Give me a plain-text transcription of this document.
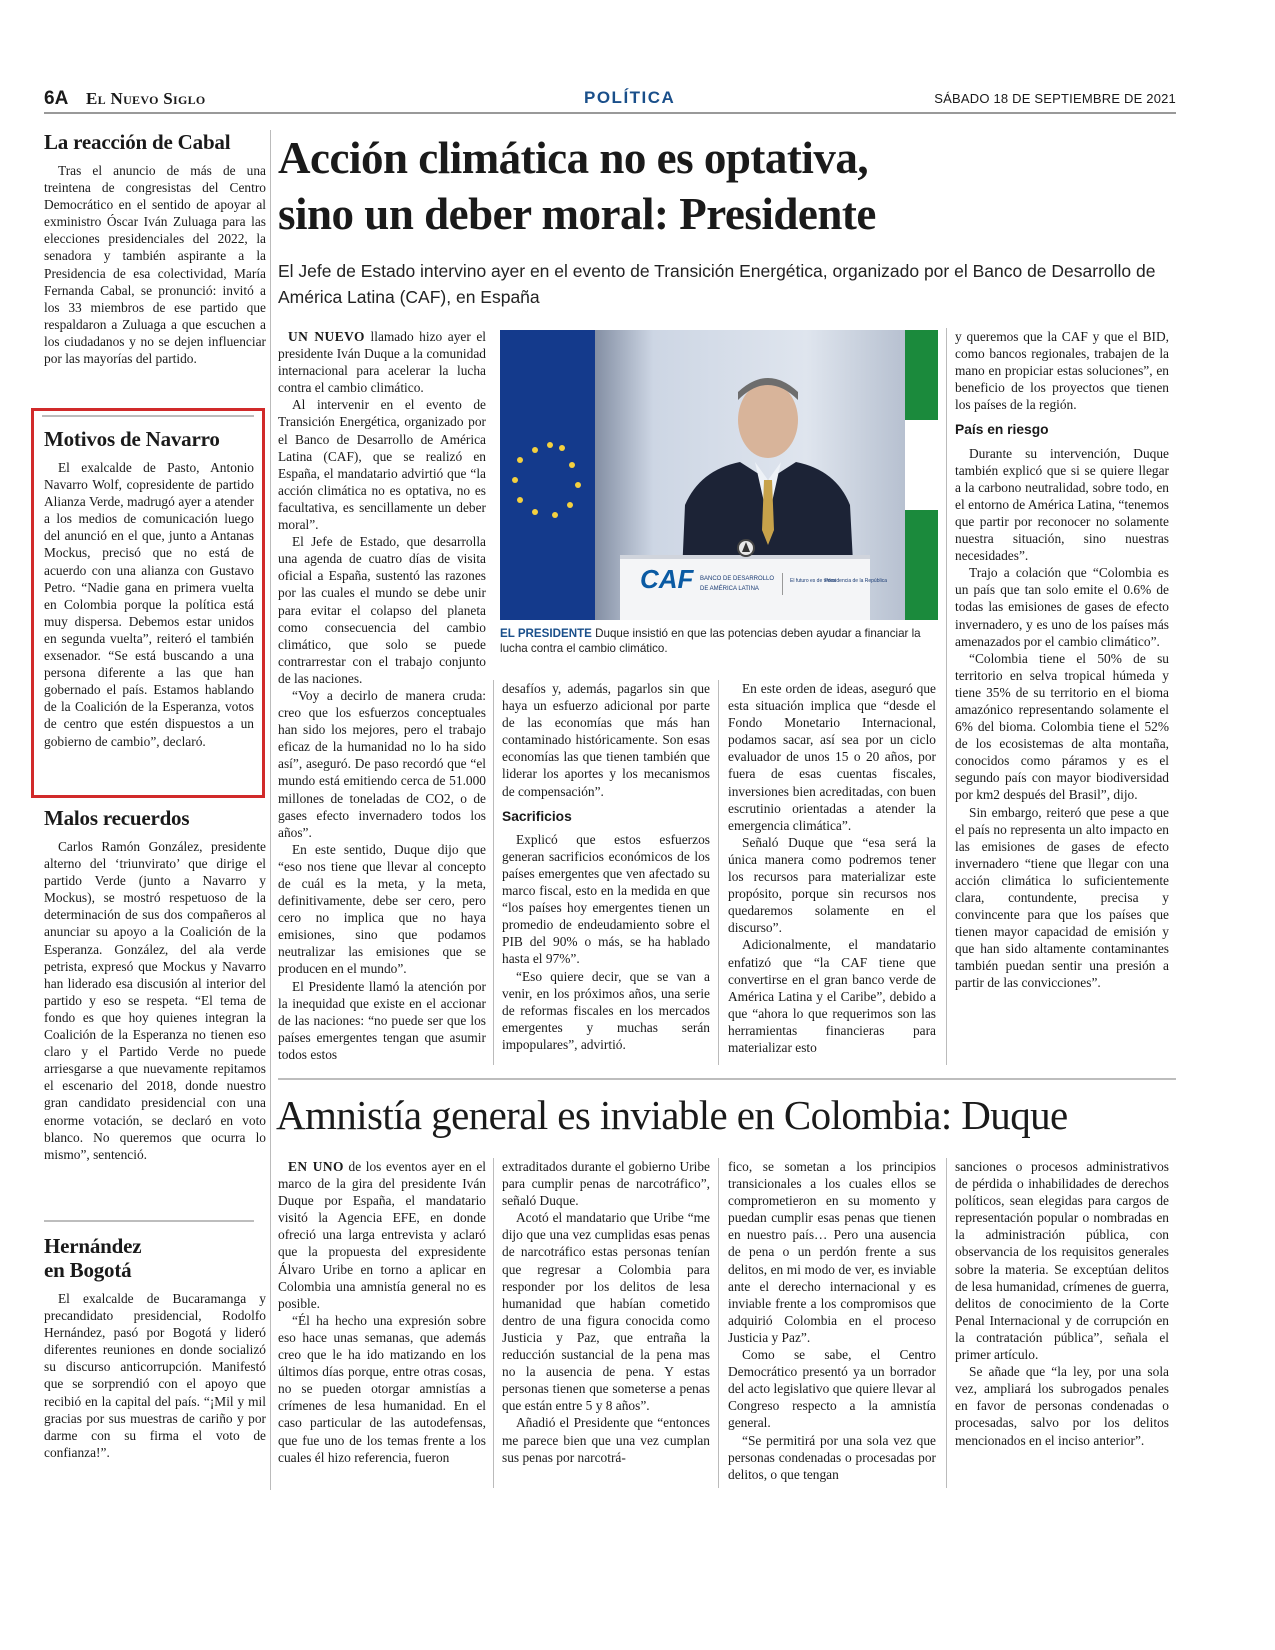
6A El Nuevo Siglo	POLÍTICA	SÁBADO 18 DE SEPTIEMBRE DE 2021
La reacción de Cabal

Tras el anuncio de más de una treintena de congresistas del Centro Democrático en el sentido de apoyar al exministro Óscar Iván Zuluaga para las elecciones presidenciales del 2022, la senadora y también aspirante a la Presidencia de esa colectividad, María Fernanda Cabal, se pronunció: invitó a los 33 miembros de ese partido que respaldaron a Zuluaga a que escuchen a los ciudadanos y no se dejen influenciar por las mayorías del partido.

Motivos de Navarro

El exalcalde de Pasto, Antonio Navarro Wolf, copresidente de partido Alianza Verde, madrugó ayer a atender a los medios de comunicación luego del anunció en el que, junto a Antanas Mockus, precisó que no está de acuerdo con una alianza con Gustavo Petro. “Nadie gana en primera vuelta en Colombia porque la política está muy dispersa. Debemos estar unidos en segunda vuelta”, reiteró el también exsenador. “Se está buscando a una persona diferente a las que han gobernado el país. Estamos hablando de la Coalición de la Esperanza, votos de centro que estén dispuestos a un gobierno de cambio”, declaró.

Malos recuerdos

Carlos Ramón González, presidente alterno del ‘triunvirato’ que dirige el partido Verde (junto a Navarro y Mockus), se mostró respetuoso de la determinación de sus dos compañeros al anunciar su apoyo a la Coalición de la Esperanza. González, del ala verde petrista, expresó que Mockus y Navarro han liderado esa discusión al interior del partido y eso se respeta. “El tema de fondo es que hoy quienes integran la Coalición de la Esperanza no tienen eso claro y el Partido Verde no puede arriesgarse a que nuevamente repitamos el escenario del 2018, donde nuestro gran candidato presidencial con una enorme votación, se declaró en voto blanco. No queremos que ocurra lo mismo”, sentenció.

Hernández
en Bogotá

El exalcalde de Bucaramanga y precandidato presidencial, Rodolfo Hernández, pasó por Bogotá y lideró diferentes reuniones en donde socializó su discurso anticorrupción. Manifestó que se sorprendió con el apoyo que recibió en la capital del país. “¡Mil y mil gracias por sus muestras de cariño y por darme con su firma el voto de confianza!”.

Acción climática no es optativa,
sino un deber moral: Presidente
El Jefe de Estado intervino ayer en el evento de Transición Energética, organizado por el Banco de Desarrollo de América Latina (CAF), en España
CAF BANCO DE DESARROLLO
DE AMÉRICA LATINA
El futuro es de todos
Presidencia de la República
EL PRESIDENTE Duque insistió en que las potencias deben ayudar a financiar la lucha contra el cambio climático.

UN NUEVO llamado hizo ayer el presidente Iván Duque a la comunidad internacional para acelerar la lucha contra el cambio climático.

Al intervenir en el evento de Transición Energética, organizado por el Banco de Desarrollo de América Latina (CAF), que se realizó en España, el mandatario advirtió que “la acción climática no es optativa, no es facultativa, es sencillamente un deber moral”.

El Jefe de Estado, que desarrolla una agenda de cuatro días de visita oficial a España, sustentó las razones por las cuales el mundo se debe unir para evitar el colapso del planeta como consecuencia del cambio climático, que solo se puede contrarrestar con el trabajo conjunto de las naciones.

“Voy a decirlo de manera cruda: creo que los esfuerzos conceptuales han sido los mejores, pero el trabajo eficaz de la humanidad no lo ha sido así”, aseguró. De paso recordó que “el mundo está emitiendo cerca de 51.000 millones de toneladas de CO2, o de gases efecto invernadero todos los años”.

En este sentido, Duque dijo que “eso nos tiene que llevar al concepto de cuál es la meta, y la meta, definitivamente, debe ser cero, pero cero no implica que no haya emisiones, sino que podamos neutralizar las emisiones que se producen en el mundo”.

El Presidente llamó la atención por la inequidad que existe en el accionar de las naciones: “no puede ser que los países emergentes tengan que asumir todos estos

desafíos y, además, pagarlos sin que haya un esfuerzo adicional por parte de las economías que más han contaminado históricamente. Son esas economías las que tienen también que liderar los aportes y los mecanismos de compensación”.

Sacrificios

Explicó que estos esfuerzos generan sacrificios económicos de los países emergentes que ven afectado su marco fiscal, esto en la medida en que “los países hoy emergentes tienen un promedio de endeudamiento sobre el PIB del 90% o más, se ha hablado hasta el 97%”.

“Eso quiere decir, que se van a venir, en los próximos años, una serie de reformas fiscales en los mercados emergentes y muchas serán impopulares”, advirtió.

En este orden de ideas, aseguró que esta situación implica que “desde el Fondo Monetario Internacional, podamos sacar, así sea por un ciclo evaluador de unos 15 o 20 años, por fuera de esas cuentas fiscales, inversiones bien acreditadas, con buen escrutinio orientadas a atender la emergencia climática”.

Señaló Duque que “esa será la única manera como podremos tener los recursos para materializar este propósito, porque sin recursos nos quedaremos solamente en el discurso”.

Adicionalmente, el mandatario enfatizó que “la CAF tiene que convertirse en el gran banco verde de América Latina y el Caribe”, debido a que “ahora lo que requerimos son las herramientas financieras para materializar esto

y queremos que la CAF y que el BID, como bancos regionales, trabajen de la mano en propiciar estas soluciones”, en beneficio de los proyectos que tienen los países de la región.

País en riesgo

Durante su intervención, Duque también explicó que si se quiere llegar a la carbono neutralidad, sobre todo, en el entorno de América Latina, “tenemos que partir por reconocer no solamente nuestra situación, sino nuestras necesidades”.

Trajo a colación que “Colombia es un país que tan solo emite el 0.6% de todas las emisiones de gases de efecto invernadero, y es uno de los países más amenazados por el cambio climático”.

“Colombia tiene el 50% de su territorio en selva tropical húmeda y tiene 35% de su territorio en el bioma amazónico representando solamente el 6% del bioma. Colombia tiene el 52% de los ecosistemas de alta montaña, conocidos como páramos y es el segundo país con mayor biodiversidad por km2 después del Brasil”, dijo.

Sin embargo, reiteró que pese a que el país no representa un alto impacto en las emisiones de gases de efecto invernadero “tiene que llegar con una acción climática lo suficientemente clara, contundente, precisa y convincente para que los países que tienen mayor capacidad de emisión y que han sido altamente contaminantes también puedan sentir una presión a partir de las convicciones”.

Amnistía general es inviable en Colombia: Duque

EN UNO de los eventos ayer en el marco de la gira del presidente Iván Duque por España, el mandatario visitó la Agencia EFE, en donde ofreció una larga entrevista y aclaró que la propuesta del expresidente Álvaro Uribe en torno a aplicar en Colombia una amnistía general no es posible.

“Él ha hecho una expresión sobre eso hace unas semanas, que además creo que le ha ido matizando en los últimos días porque, entre otras cosas, no se pueden otorgar amnistías a crímenes de lesa humanidad. En el caso particular de las autodefensas, que fue uno de los temas frente a los cuales él hizo referencia, fueron

extraditados durante el gobierno Uribe para cumplir penas de narcotráfico”, señaló Duque.

Acotó el mandatario que Uribe “me dijo que una vez cumplidas esas penas de narcotráfico estas personas tenían que regresar a Colombia para responder por los delitos de lesa humanidad que habían cometido dentro de una figura conocida como Justicia y Paz, que entraña la reducción sustancial de la pena mas no la ausencia de pena. Y estas personas tienen que someterse a penas que están entre 5 y 8 años”.

Añadió el Presidente que “entonces me parece bien que una vez cumplan sus penas por narcotrá-

fico, se sometan a los principios transicionales a los cuales ellos se comprometieron en su momento y puedan cumplir esas penas que tienen en nuestro país… Pero una ausencia de pena o un perdón frente a sus delitos, en mi modo de ver, es inviable ante el derecho internacional y es inviable frente a los compromisos que adquirió Colombia en el proceso Justicia y Paz”.

Como se sabe, el Centro Democrático presentó ya un borrador del acto legislativo que quiere llevar al Congreso respecto a la amnistía general.

“Se permitirá por una sola vez que personas condenadas o procesadas por delitos, o que tengan

sanciones o procesos administrativos de pérdida o inhabilidades de derechos políticos, sean elegidas para cargos de representación popular o nombradas en la administración pública, con observancia de los requisitos generales sobre la materia. Se exceptúan delitos de lesa humanidad, crímenes de guerra, delitos de conocimiento de la Corte Penal Internacional y de corrupción en la contratación pública”, señala el primer artículo.

Se añade que “la ley, por una sola vez, ampliará los subrogados penales en favor de personas condenadas o procesadas, salvo por los delitos mencionados en el inciso anterior”.
